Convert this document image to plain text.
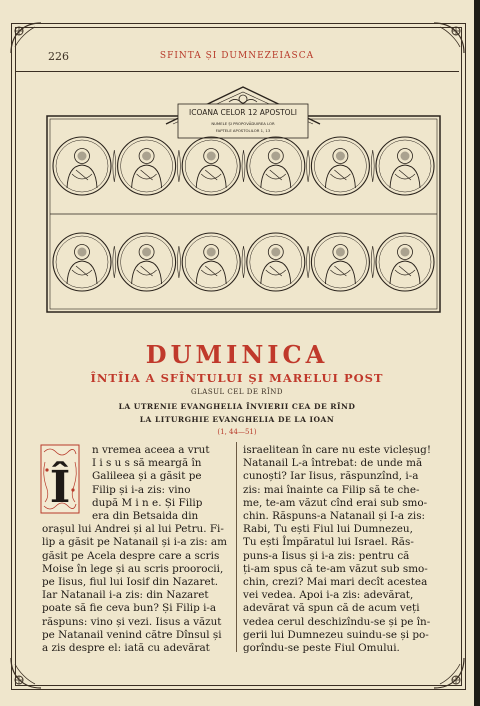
226	SFINTA ȘI DUMNEZEIASCA
ICOANA CELOR 12 APOSTOLI
NUMELE ȘI PROPOVĂDUIREA LOR
FAPTELE APOSTOLILOR 1, 13
DUMINICA
ÎNTÎIA A SFÎNTULUI ȘI MARELUI POST
GLASUL CEL DE RÎND
LA UTRENIE EVANGHELIA ÎNVIERII CEA DE RÎND
LA LITURGHIE EVANGHELIA DE LA IOAN
(1, 44—51)
Î
n vremea aceea a vrut
I i s u s să meargă în
Galileea și a găsit pe
Filip și i-a zis: vino
după M i n e. Și Filip
era din Betsaida din
orașul lui Andrei și al lui Petru. Fi-
lip a găsit pe Natanail și i-a zis: am
găsit pe Acela despre care a scris
Moise în lege și au scris proorocii,
pe Iisus, fiul lui Iosif din Nazaret.
Iar Natanail i-a zis: din Nazaret
poate să fie ceva bun? Și Filip i-a
răspuns: vino și vezi. Iisus a văzut
pe Natanail venind către Dînsul și
a zis despre el: iată cu adevărat
israelitean în care nu este vicleșug!
Natanail L-a întrebat: de unde mă
cunoști? Iar Iisus, răspunzînd, i-a
zis: mai înainte ca Filip să te che-
me, te-am văzut cînd erai sub smo-
chin. Răspuns-a Natanail și I-a zis:
Rabi, Tu ești Fiul lui Dumnezeu,
Tu ești Împăratul lui Israel. Răs-
puns-a Iisus și i-a zis: pentru că
ți-am spus că te-am văzut sub smo-
chin, crezi? Mai mari decît acestea
vei vedea. Apoi i-a zis: adevărat,
adevărat vă spun că de acum veți
vedea cerul deschizîndu-se și pe în-
gerii lui Dumnezeu suindu-se și po-
gorîndu-se peste Fiul Omului.
